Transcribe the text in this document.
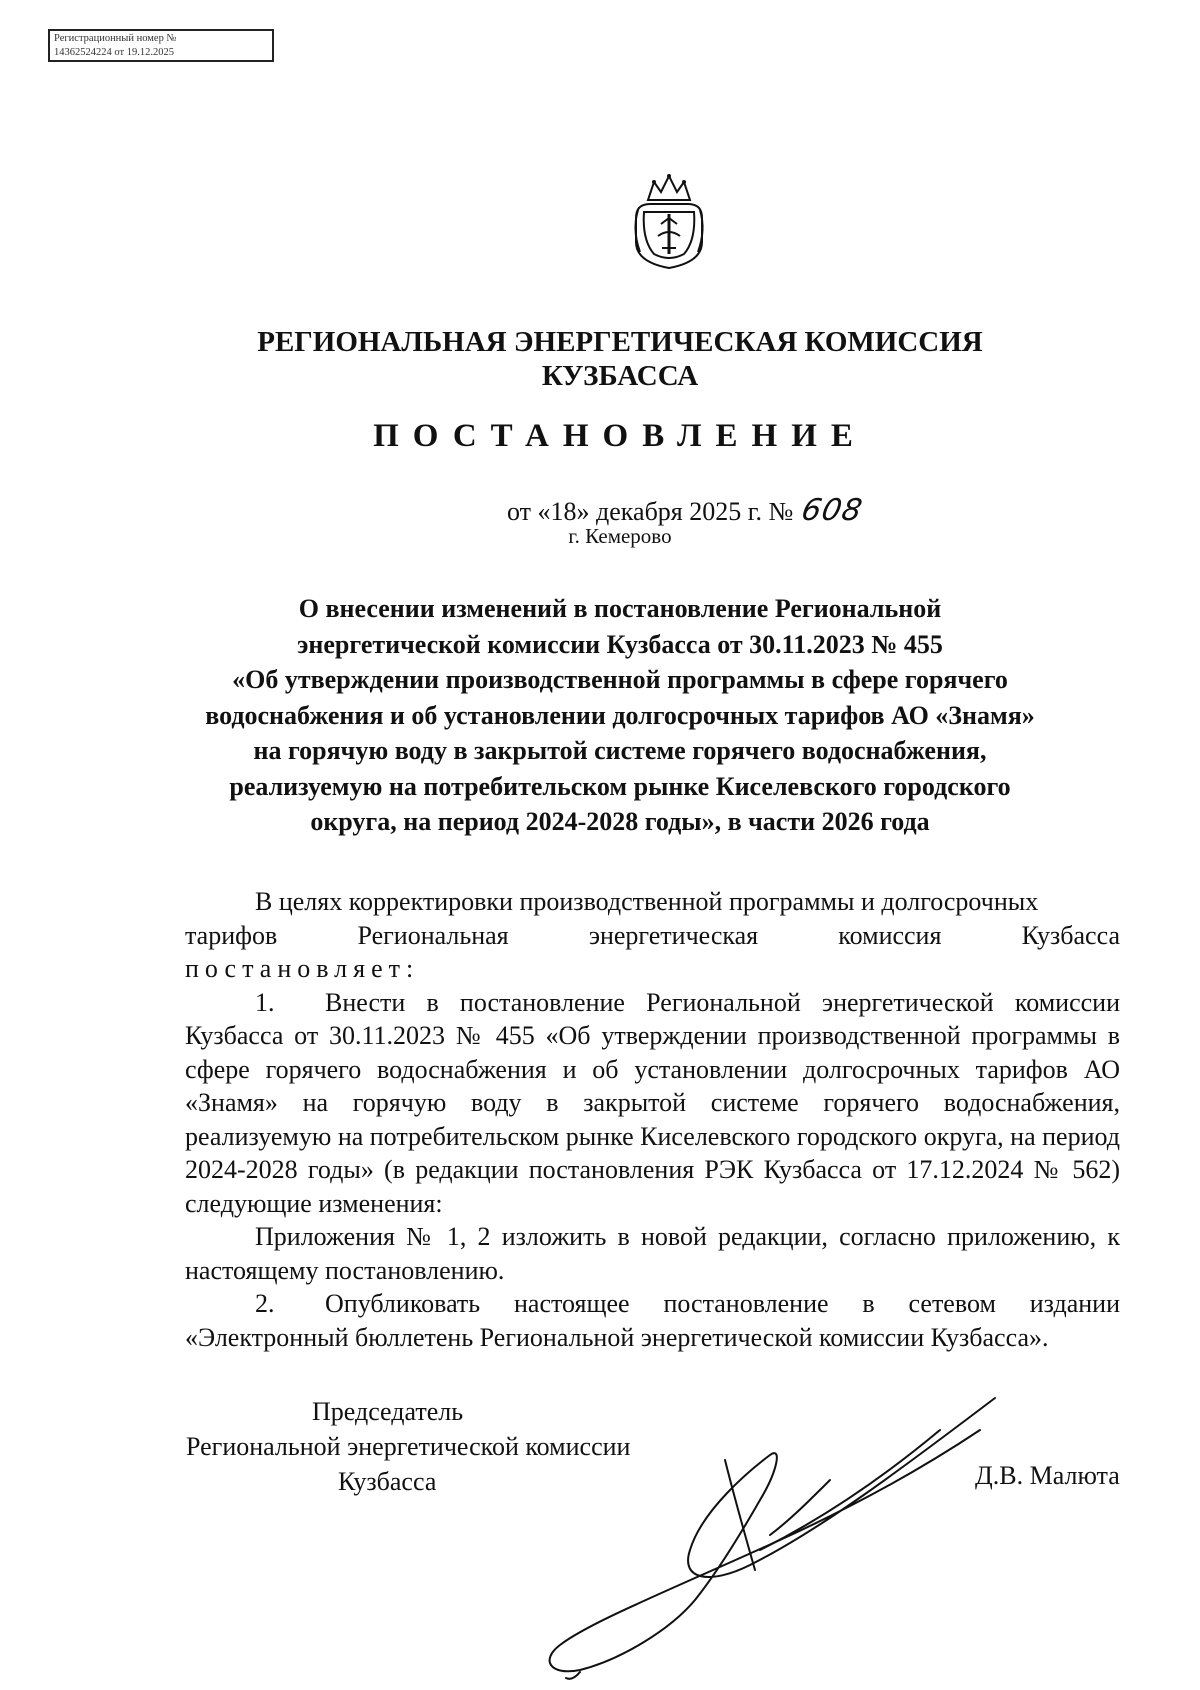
Регистрационный номер №
14362524224 от 19.12.2025
РЕГИОНАЛЬНАЯ ЭНЕРГЕТИЧЕСКАЯ КОМИССИЯ
КУЗБАССА
ПОСТАНОВЛЕНИЕ
от «18» декабря 2025 г. № 608
г. Кемерово
О внесении изменений в постановление Региональной
энергетической комиссии Кузбасса от 30.11.2023 № 455
«Об утверждении производственной программы в сфере горячего
водоснабжения и об установлении долгосрочных тарифов АО «Знамя»
на горячую воду в закрытой системе горячего водоснабжения,
реализуемую на потребительском рынке Киселевского городского
округа, на период 2024-2028 годы», в части 2026 года

В целях корректировки производственной программы и долгосрочных

тарифов	Региональная	энергетическая	комиссия	Кузбасса

постановляет:

1. Внести в постановление Региональной энергетической комиссии Кузбасса от 30.11.2023 № 455 «Об утверждении производственной программы в сфере горячего водоснабжения и об установлении долгосрочных тарифов АО «Знамя» на горячую воду в закрытой системе горячего водоснабжения, реализуемую на потребительском рынке Киселевского городского округа, на период 2024-2028 годы» (в редакции постановления РЭК Кузбасса от 17.12.2024 № 562) следующие изменения:

Приложения № 1, 2 изложить в новой редакции, согласно приложению, к настоящему постановлению.

2. Опубликовать настоящее постановление в сетевом издании «Электронный бюллетень Региональной энергетической комиссии Кузбасса».

Председатель
Региональной энергетической комиссии
Кузбасса	Д.В. Малюта
